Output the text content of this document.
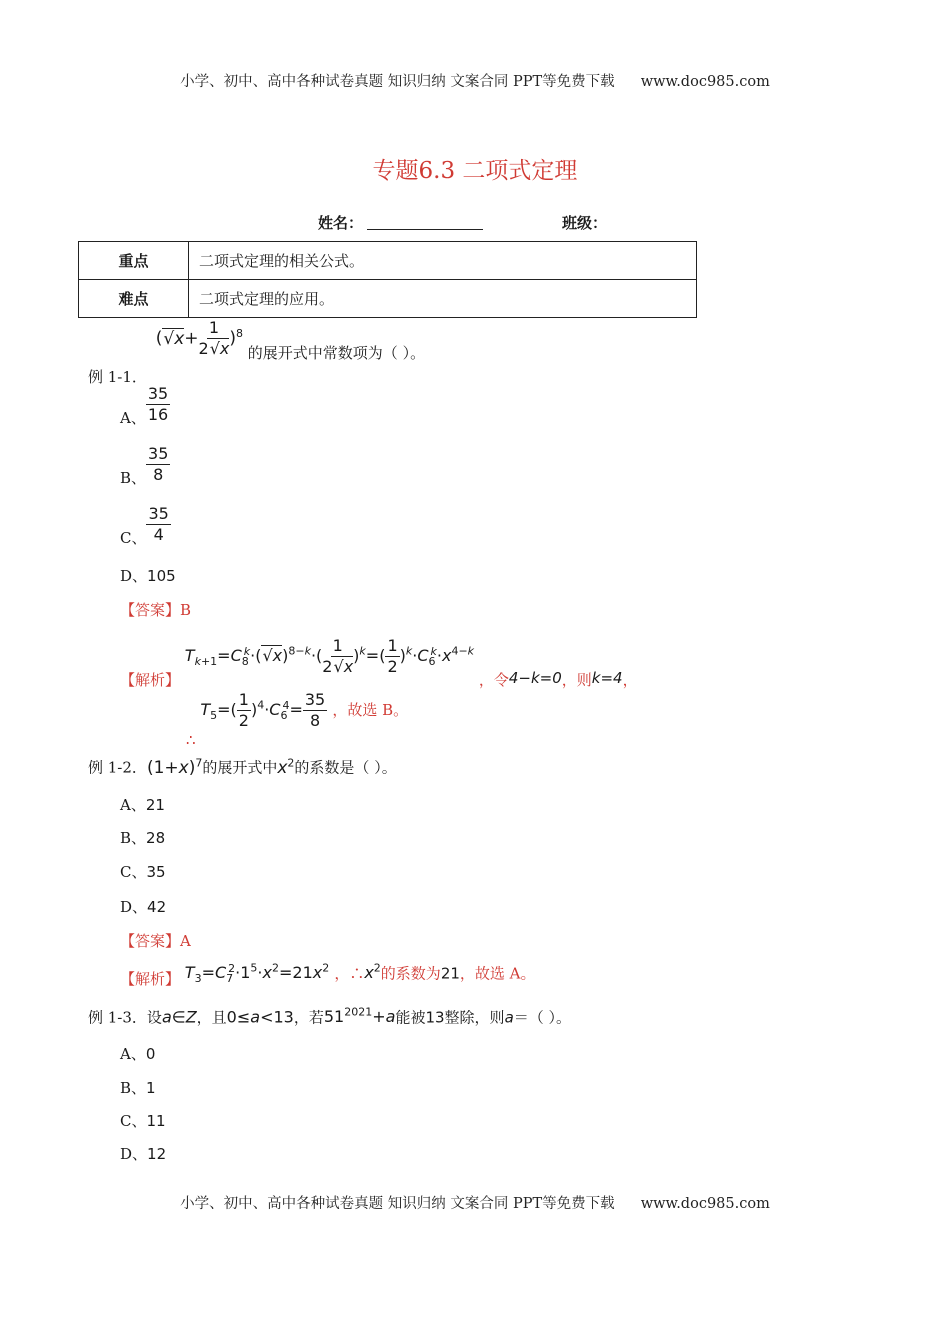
小学、初中、高中各种试卷真题 知识归纳 文案合同 PPT等免费下载 www.doc985.com
专题6.3 二项式定理
姓名：	班级：
重点	二项式定理的相关公式。
难点	二项式定理的应用。
例 1-1． $(√x+ \frac{1}{2√x} )^8$ 的展开式中常数项为（ ）。
A、 $\frac{35}{16}$
B、 $\frac{35}{8}$
C、 $\frac{35}{4}$
D、105
【答案】B
【解析】 $T_{k+1}=C_8^k\cdot(√x)^{8-k}\cdot( \frac{1}{2√x} )^k=( \frac{1}{2} )^k\cdot C_6^k\cdot x^{4-k}$ ，令4−k=0，则k=4，
∴ $T_5=( \frac{1}{2} )^4\cdot C_6^4= \frac{35}{8}$ ，故选 B。
例 1-2．$(1+x)^7$的展开式中$x^2$的系数是（ ）。
A、21
B、28
C、35
D、42
【答案】A
【解析】 $T_3=C_7^2\cdot 1^5\cdot x^2=21x^2$ ，$\therefore x^2$的系数为21，故选 A。
例 1-3．设a∈Z，且0≤a<13，若$51^{2021}+a$能被13整除，则a＝（ ）。
A、0
B、1
C、11
D、12
小学、初中、高中各种试卷真题 知识归纳 文案合同 PPT等免费下载 www.doc985.com
